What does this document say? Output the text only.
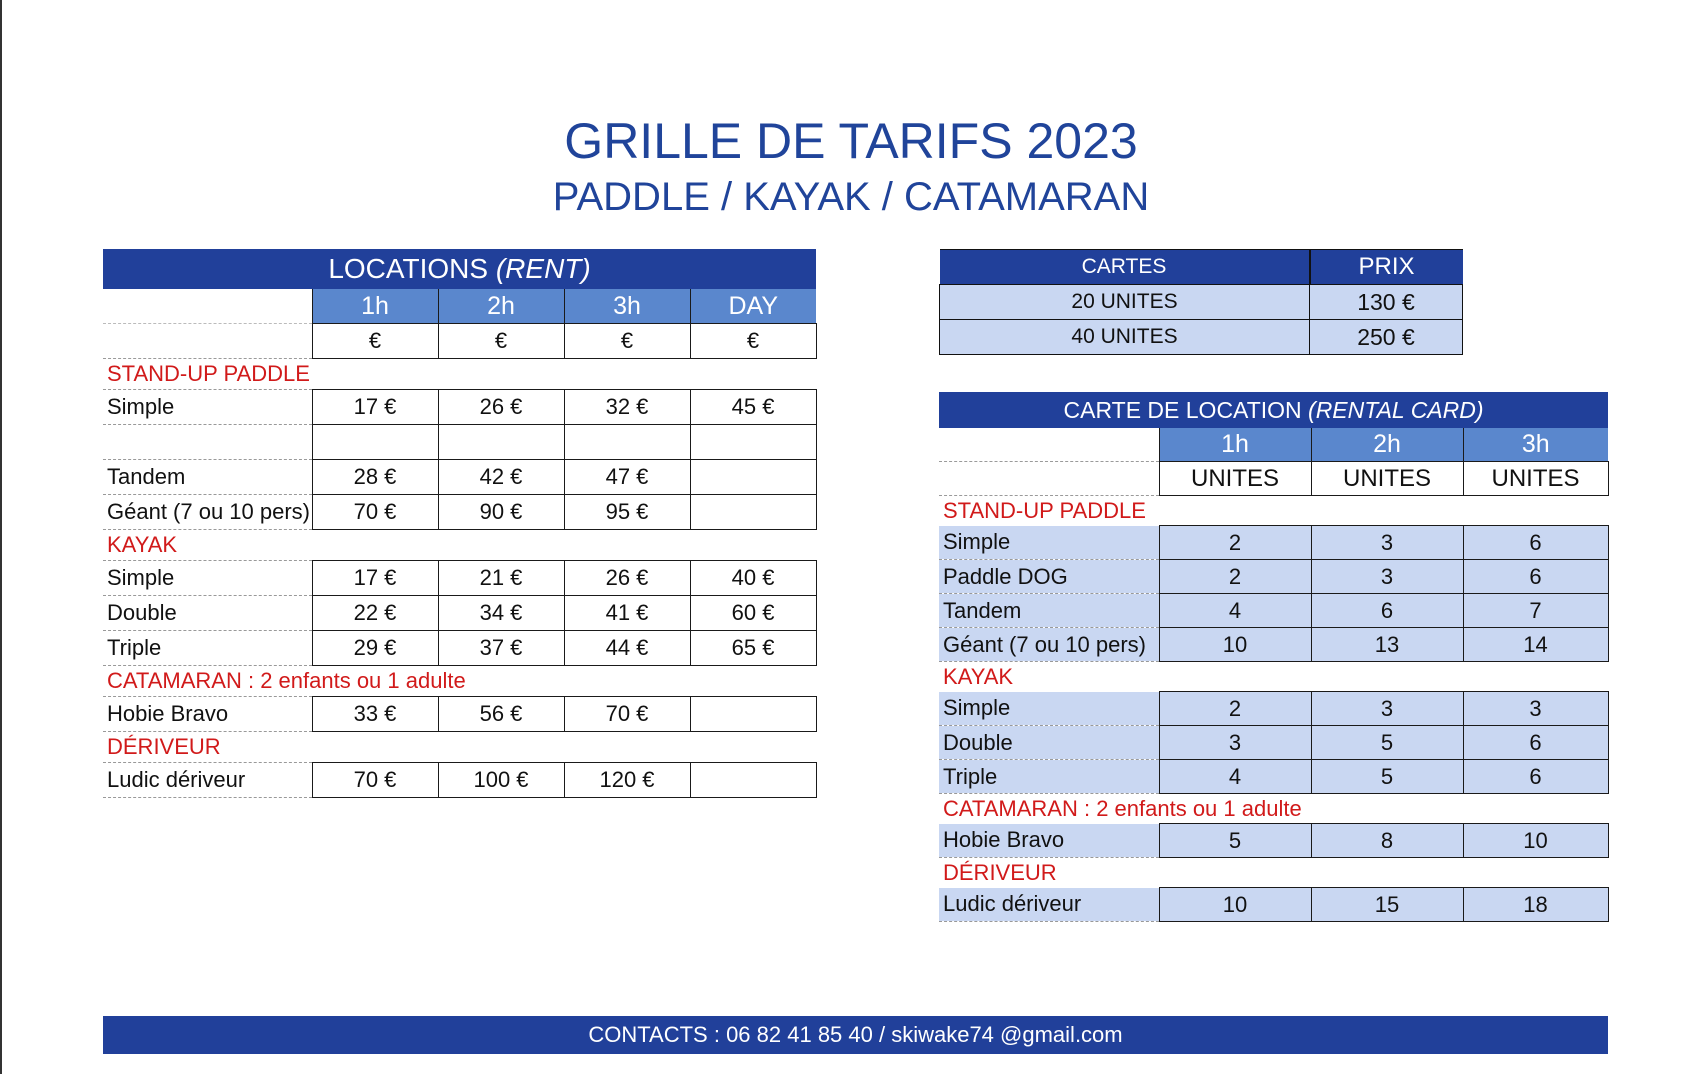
GRILLE DE TARIFS 2023
PADDLE / KAYAK / CATAMARAN
LOCATIONS (RENT)				
	1h	2h	3h	DAY
	€	€	€	€
STAND-UP PADDLE				
Simple	17 €	26 €	32 €	45 €

Tandem	28 €	42 €	47 €	
Géant (7 ou 10 pers)	70 €	90 €	95 €	
KAYAK				
Simple	17 €	21 €	26 €	40 €
Double	22 €	34 €	41 €	60 €
Triple	29 €	37 €	44 €	65 €
CATAMARAN : 2 enfants ou 1 adulte				
Hobie Bravo	33 €	56 €	70 €	
DÉRIVEUR				
Ludic dériveur	70 €	100 €	120 €	
CARTES	PRIX
20 UNITES	130 €
40 UNITES	250 €
CARTE DE LOCATION (RENTAL CARD)			
	1h	2h	3h
	UNITES	UNITES	UNITES
STAND-UP PADDLE			
Simple	2	3	6
Paddle DOG	2	3	6
Tandem	4	6	7
Géant (7 ou 10 pers)	10	13	14
KAYAK			
Simple	2	3	3
Double	3	5	6
Triple	4	5	6
CATAMARAN : 2 enfants ou 1 adulte			
Hobie Bravo	5	8	10
DÉRIVEUR			
Ludic dériveur	10	15	18
CONTACTS : 06 82 41 85 40 / skiwake74 @gmail.com
